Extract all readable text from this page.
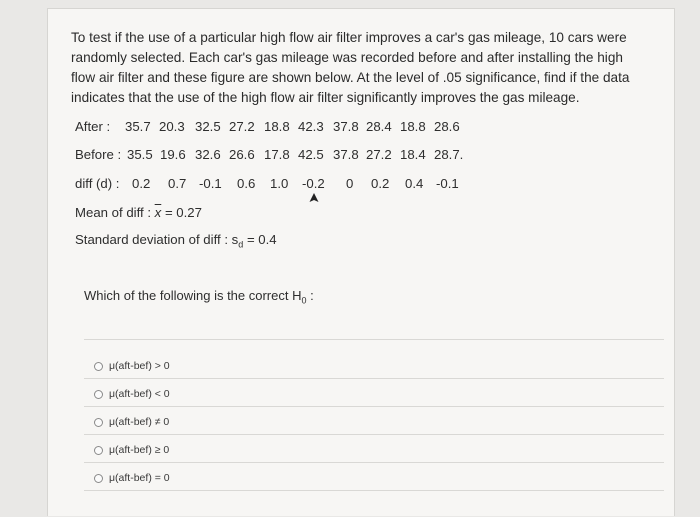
To test if the use of a particular high flow air filter improves a car's gas mileage, 10 cars were randomly selected. Each car's gas mileage was recorded before and after installing the high flow air filter and these figure are shown below. At the level of .05 significance, find if the data indicates that the use of the high flow air filter significantly improves the gas mileage.
After : 35.7 20.3 32.5 27.2 18.8 42.3 37.8 28.4 18.8 28.6
Before : 35.5 19.6 32.6 26.6 17.8 42.5 37.8 27.2 18.4 28.7.
diff (d) : 0.2 0.7 -0.1 0.6 1.0 -0.2 0 0.2 0.4 -0.1
Mean of diff : $\overline{x} = 0.27$
Standard deviation of diff : $s_d = 0.4$
Which of the following is the correct $H_0$ :
μ(aft-bef) > 0
μ(aft-bef) < 0
μ(aft-bef) ≠ 0
μ(aft-bef) ≥ 0
μ(aft-bef) = 0
